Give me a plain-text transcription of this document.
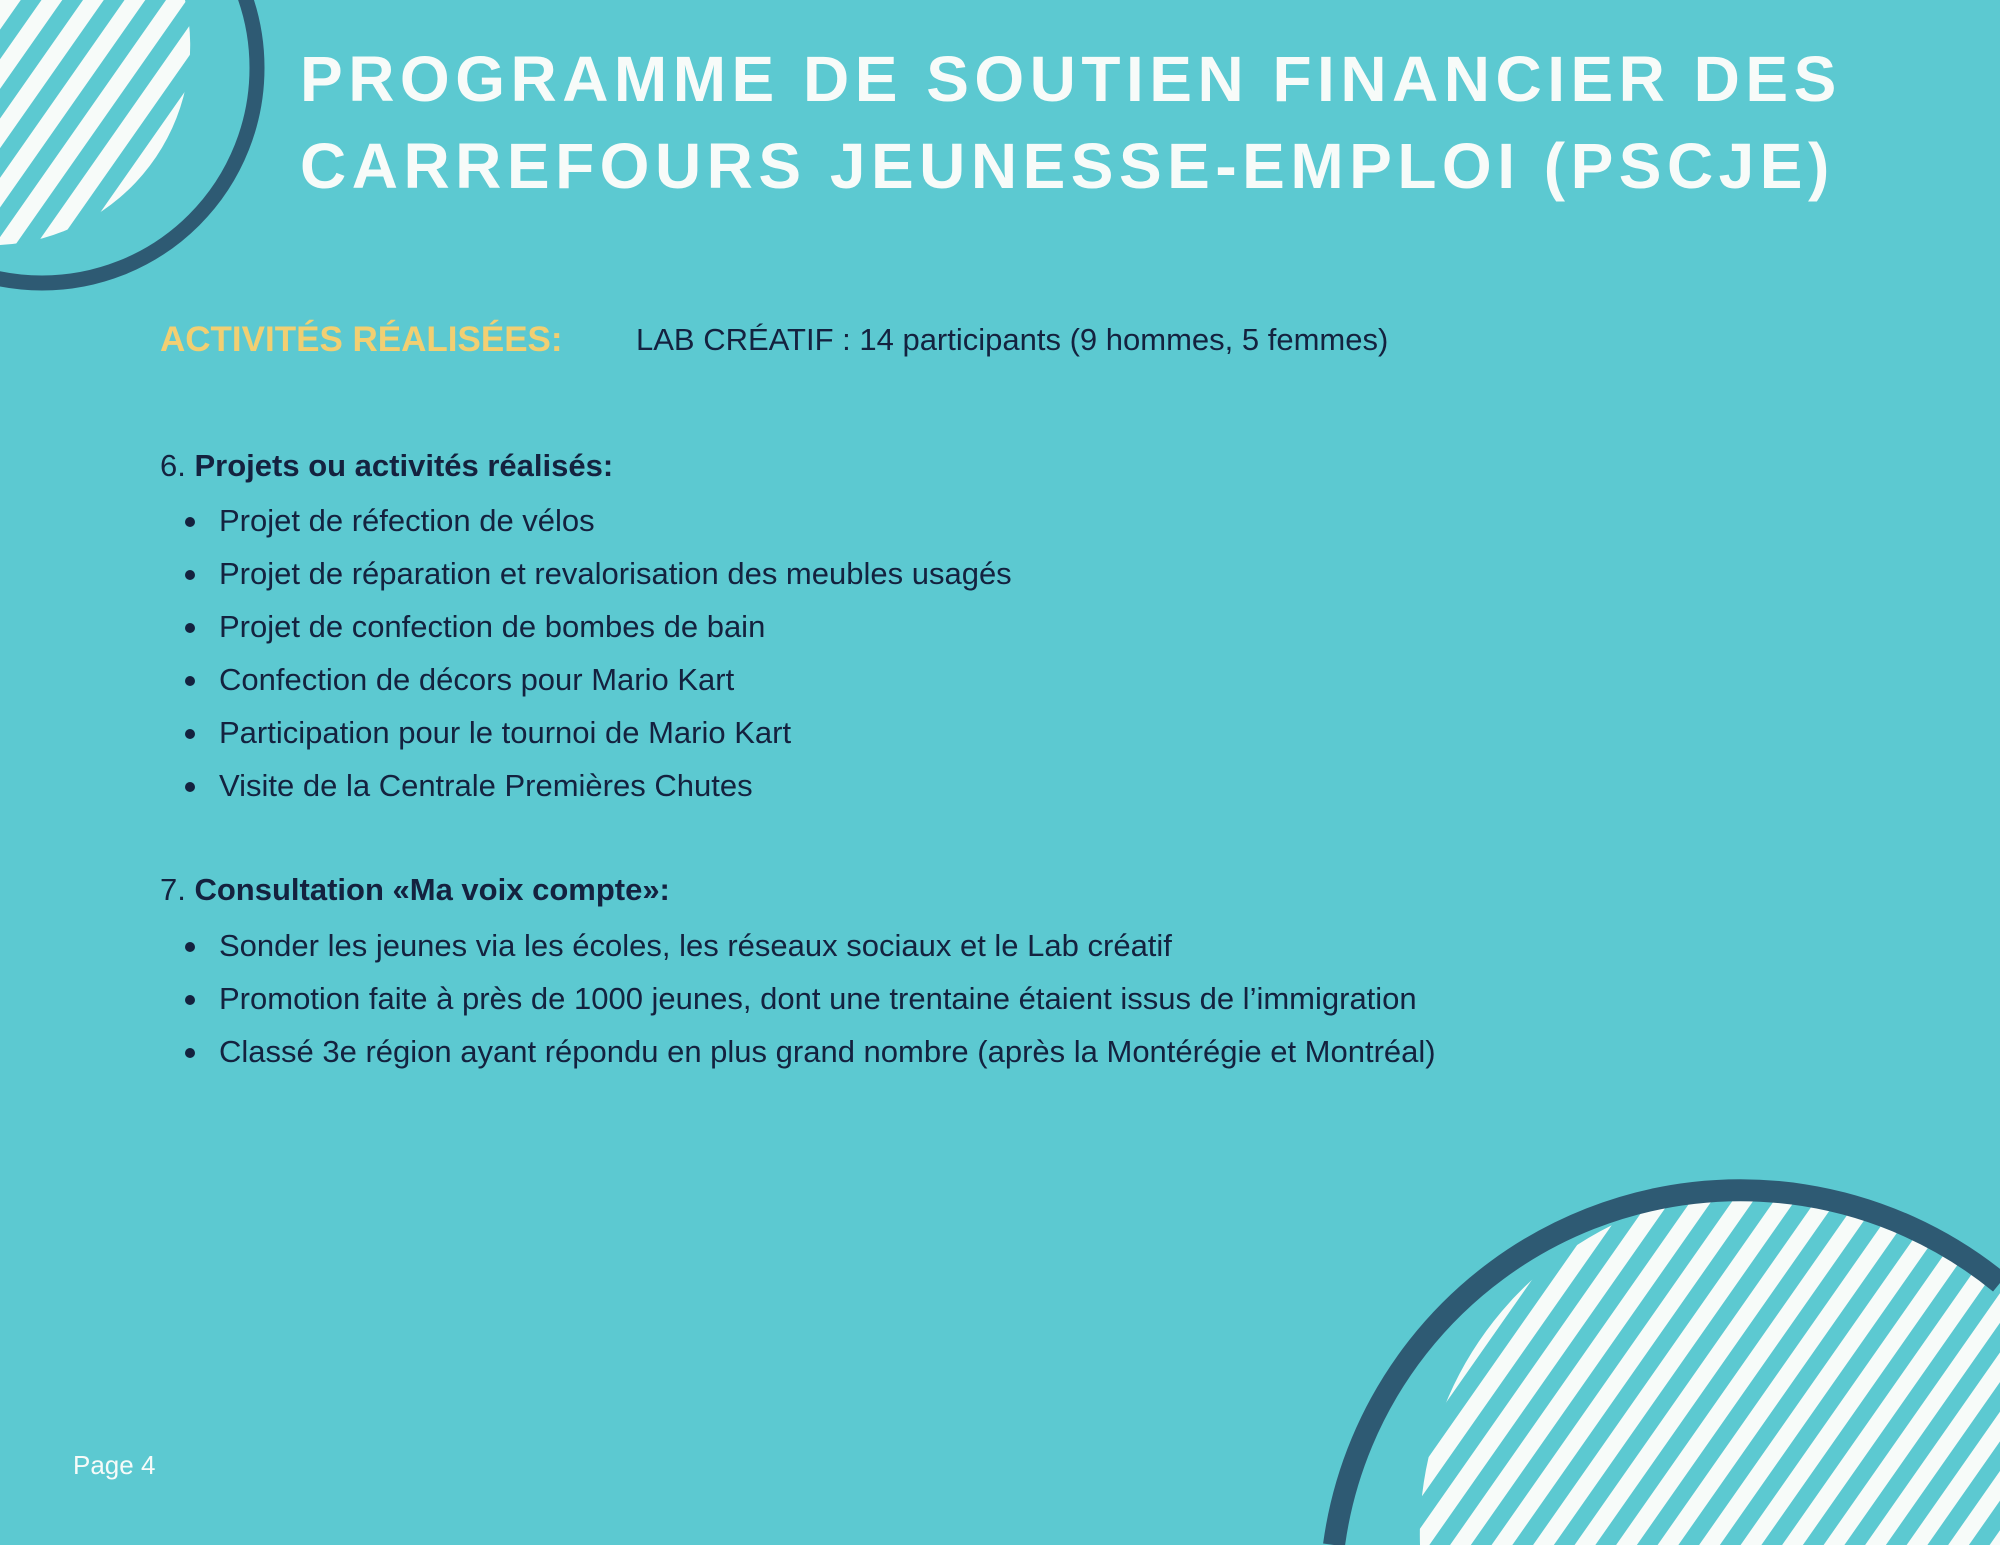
PROGRAMME DE SOUTIEN FINANCIER DES
CARREFOURS JEUNESSE-EMPLOI (PSCJE)
ACTIVITÉS RÉALISÉES: LAB CRÉATIF : 14 participants (9 hommes, 5 femmes)
6. Projets ou activités réalisés:
Projet de réfection de vélos
Projet de réparation et revalorisation des meubles usagés
Projet de confection de bombes de bain
Confection de décors pour Mario Kart
Participation pour le tournoi de Mario Kart
Visite de la Centrale Premières Chutes
7. Consultation «Ma voix compte»:
Sonder les jeunes via les écoles, les réseaux sociaux et le Lab créatif
Promotion faite à près de 1000 jeunes, dont une trentaine étaient issus de l’immigration
Classé 3e région ayant répondu en plus grand nombre (après la Montérégie et Montréal)
Page 4
